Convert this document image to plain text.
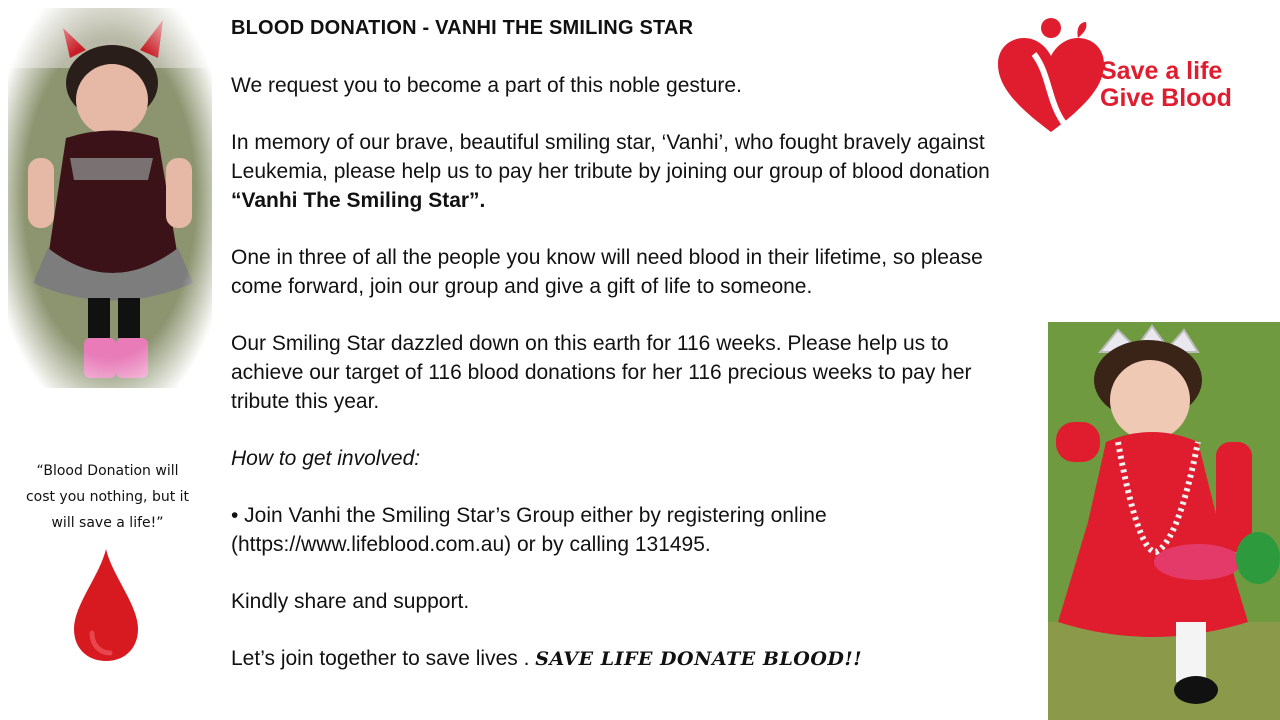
“Blood Donation will cost you nothing, but it will save a life!”

BLOOD DONATION - VANHI THE SMILING STAR

We request you to become a part of this noble gesture.

In memory of our brave, beautiful smiling star, ‘Vanhi’, who fought bravely against Leukemia, please help us to pay her tribute by joining our group of blood donation “Vanhi The Smiling Star”.

One in three of all the people you know will need blood in their lifetime, so please come forward, join our group and give a gift of life to someone.

Our Smiling Star dazzled down on this earth for 116 weeks. Please help us to achieve our target of 116 blood donations for her 116 precious weeks to pay her tribute this year.

How to get involved:

• Join Vanhi the Smiling Star’s Group either by registering online (https://www.lifeblood.com.au) or by calling 131495.

Kindly share and support.

Let’s join together to save lives . SAVE LIFE DONATE BLOOD!!

Save a life
Give Blood
